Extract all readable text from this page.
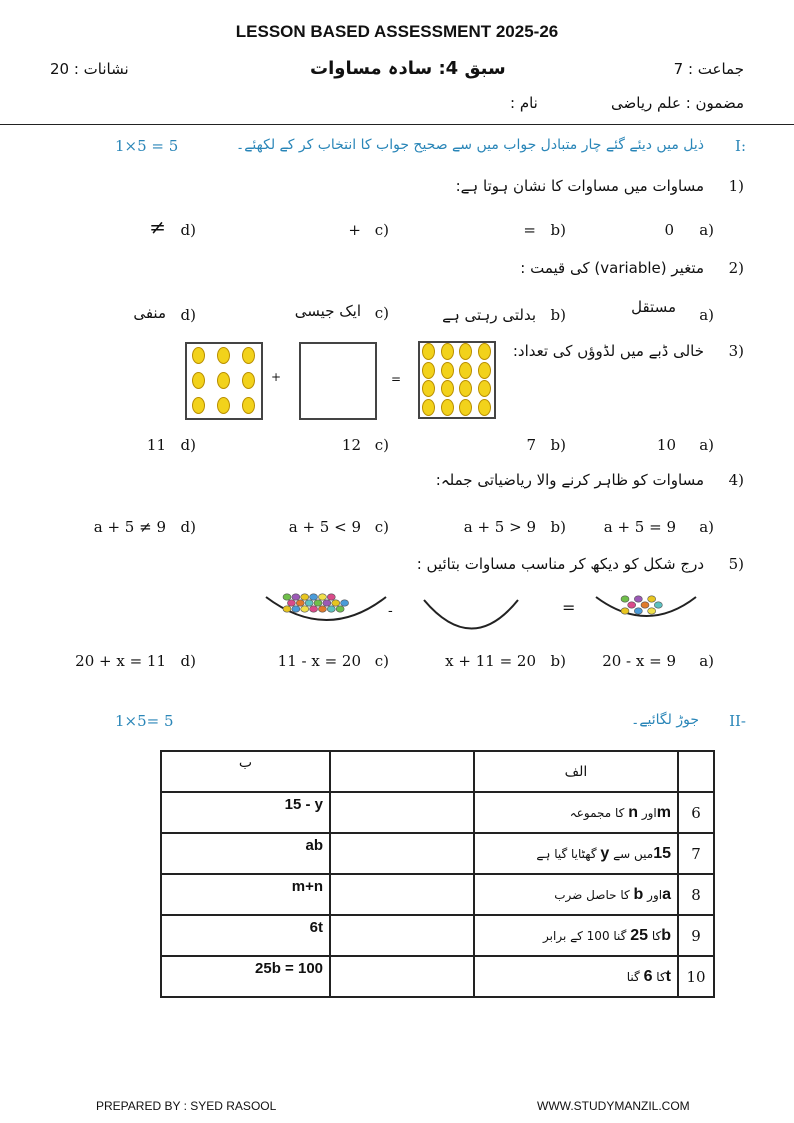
LESSON BASED ASSESSMENT 2025-26
نشانات : 20	سبق 4: سادہ مساوات	جماعت : 7
مضمون : علم ریاضی
نام :
I:
ذیل میں دیئے گئے چار متبادل جواب میں سے صحیح جواب کا انتخاب کر کے لکھئے۔
1×5 = 5
1)
مساوات میں مساوات کا نشان ہوتا ہے:
a)
0
b)
=
c)
+
d)
≠
2)
متغیر (variable) کی قیمت :
a)
مستقل
b)
بدلتی رہتی ہے
c)
ایک جیسی
d)
منفی
3)
خالی ڈبے میں لڈوؤں کی تعداد:
+	=
a)
10
b)
7
c)
12
d)
11
4)
مساوات کو ظاہر کرنے والا ریاضیاتی جملہ:
a)
a + 5 = 9
b)
a + 5 > 9
c)
a + 5 < 9
d)
a + 5 ≠ 9
5)
درج شکل کو دیکھ کر مناسب مساوات بتائیں :
-	=
a)
20 - x = 9
b)
x + 11 = 20
c)
11 - x = 20
d)
20 + x = 11
II-
جوڑ لگائیے۔
1×5= 5
ب		الف	
15 - y		mاور n کا مجموعہ	6
ab		15میں سے y گھٹایا گیا ہے	7
m+n		aاور b کا حاصل ضرب	8
6t		bکا 25 گنا 100 کے برابر	9
25b = 100		tکا 6 گنا	10
PREPARED BY : SYED RASOOL	WWW.STUDYMANZIL.COM
